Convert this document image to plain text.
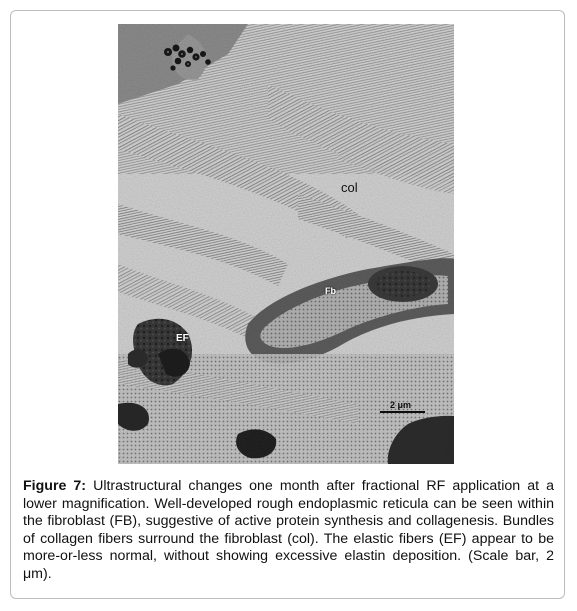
col
Fb
EF
2 μm
Figure 7: Ultrastructural changes one month after fractional RF application at a lower magnification. Well-developed rough endoplasmic reticula can be seen within the fibroblast (FB), suggestive of active protein synthesis and collagenesis. Bundles of collagen fibers surround the fibroblast (col). The elastic fibers (EF) appear to be more-or-less normal, without showing excessive elastin deposition. (Scale bar, 2 μm).
